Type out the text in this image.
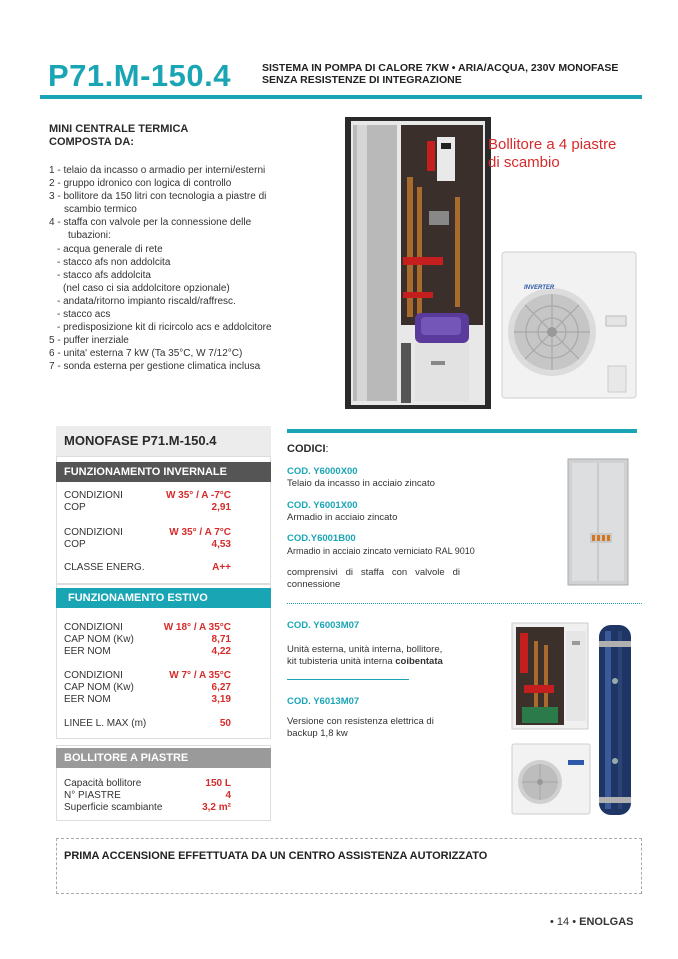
P71.M-150.4	SISTEMA IN POMPA DI CALORE 7KW • ARIA/ACQUA, 230V MONOFASE
SENZA RESISTENZE DI INTEGRAZIONE
MINI CENTRALE TERMICA
COMPOSTA DA:
1 - telaio da incasso o armadio per interni/esterni
2 - gruppo idronico con logica di controllo
3 - bollitore da 150 litri con tecnologia a piastre di
scambio termico
4 - staffa con valvole per la connessione delle
tubazioni:
- acqua generale di rete
- stacco afs non addolcita
- stacco afs addolcita
(nel caso ci sia addolcitore opzionale)
- andata/ritorno impianto riscald/raffresc.
- stacco acs
- predisposizione kit di ricircolo acs e addolcitore
5 - puffer inerziale
6 - unita' esterna 7 kW (Ta 35°C, W 7/12°C)
7 - sonda esterna per gestione climatica inclusa
Bollitore a 4 piastre
di scambio
INVERTER
MONOFASE P71.M-150.4
FUNZIONAMENTO INVERNALE
CONDIZIONI	W 35° / A -7°C
COP	2,91
CONDIZIONI	W 35° / A 7°C
COP	4,53
CLASSE ENERG.	A++
FUNZIONAMENTO ESTIVO
CONDIZIONI	W 18° / A 35°C
CAP NOM (Kw)	8,71
EER NOM	4,22
CONDIZIONI	W 7° / A 35°C
CAP NOM (Kw)	6,27
EER NOM	3,19
LINEE L. MAX (m)	50
BOLLITORE A PIASTRE
Capacità bollitore	150 L
N° PIASTRE	4
Superficie scambiante	3,2 m²
CODICI:
COD. Y6000X00
Telaio da incasso in acciaio zincato
COD. Y6001X00
Armadio in acciaio zincato
COD.Y6001B00
Armadio in acciaio zincato verniciato RAL 9010
comprensivi   di   staffa   con   valvole   di
connessione
COD. Y6003M07
Unità esterna, unità interna, bollitore,
kit tubisteria unità interna coibentata
COD. Y6013M07
Versione con resistenza elettrica di
backup 1,8 kw
PRIMA ACCENSIONE EFFETTUATA DA UN CENTRO ASSISTENZA AUTORIZZATO
• 14 • ENOLGAS
